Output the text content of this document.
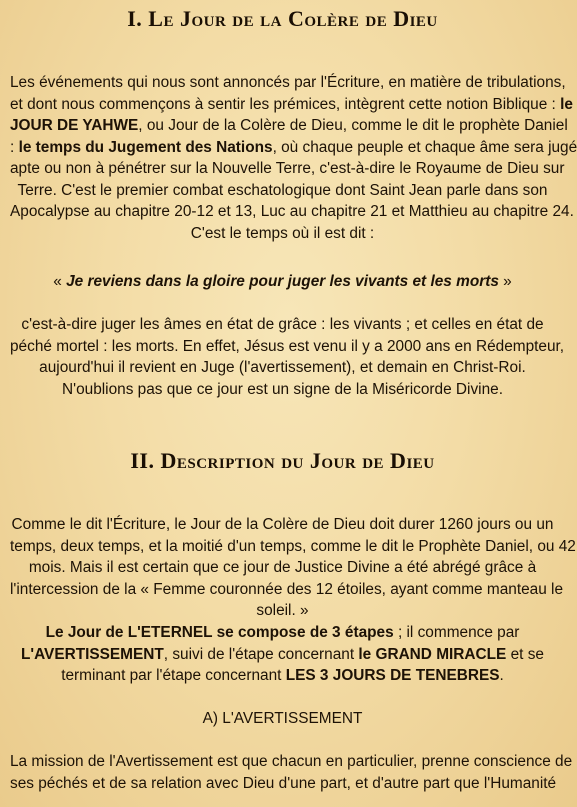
I. Le Jour de la Colère de Dieu
Les événements qui nous sont annoncés par l'Écriture, en matière de tribulations,
et dont nous commençons à sentir les prémices, intègrent cette notion Biblique : le
JOUR DE YAHWE, ou Jour de la Colère de Dieu, comme le dit le prophète Daniel
: le temps du Jugement des Nations, où chaque peuple et chaque âme sera jugé
apte ou non à pénétrer sur la Nouvelle Terre, c'est-à-dire le Royaume de Dieu sur
Terre. C'est le premier combat eschatologique dont Saint Jean parle dans son
Apocalypse au chapitre 20-12 et 13, Luc au chapitre 21 et Matthieu au chapitre 24.
C'est le temps où il est dit :
« Je reviens dans la gloire pour juger les vivants et les morts »
c'est-à-dire juger les âmes en état de grâce : les vivants ; et celles en état de
péché mortel : les morts. En effet, Jésus est venu il y a 2000 ans en Rédempteur,
aujourd'hui il revient en Juge (l'avertissement), et demain en Christ-Roi.
N'oublions pas que ce jour est un signe de la Miséricorde Divine.
II. Description du Jour de Dieu
Comme le dit l'Écriture, le Jour de la Colère de Dieu doit durer 1260 jours ou un
temps, deux temps, et la moitié d'un temps, comme le dit le Prophète Daniel, ou 42
mois. Mais il est certain que ce jour de Justice Divine a été abrégé grâce à
l'intercession de la « Femme couronnée des 12 étoiles, ayant comme manteau le
soleil. »
Le Jour de L'ETERNEL se compose de 3 étapes ; il commence par
L'AVERTISSEMENT, suivi de l'étape concernant le GRAND MIRACLE et se
terminant par l'étape concernant LES 3 JOURS DE TENEBRES.
A) L'AVERTISSEMENT
La mission de l'Avertissement est que chacun en particulier, prenne conscience de
ses péchés et de sa relation avec Dieu d'une part, et d'autre part que l'Humanité
